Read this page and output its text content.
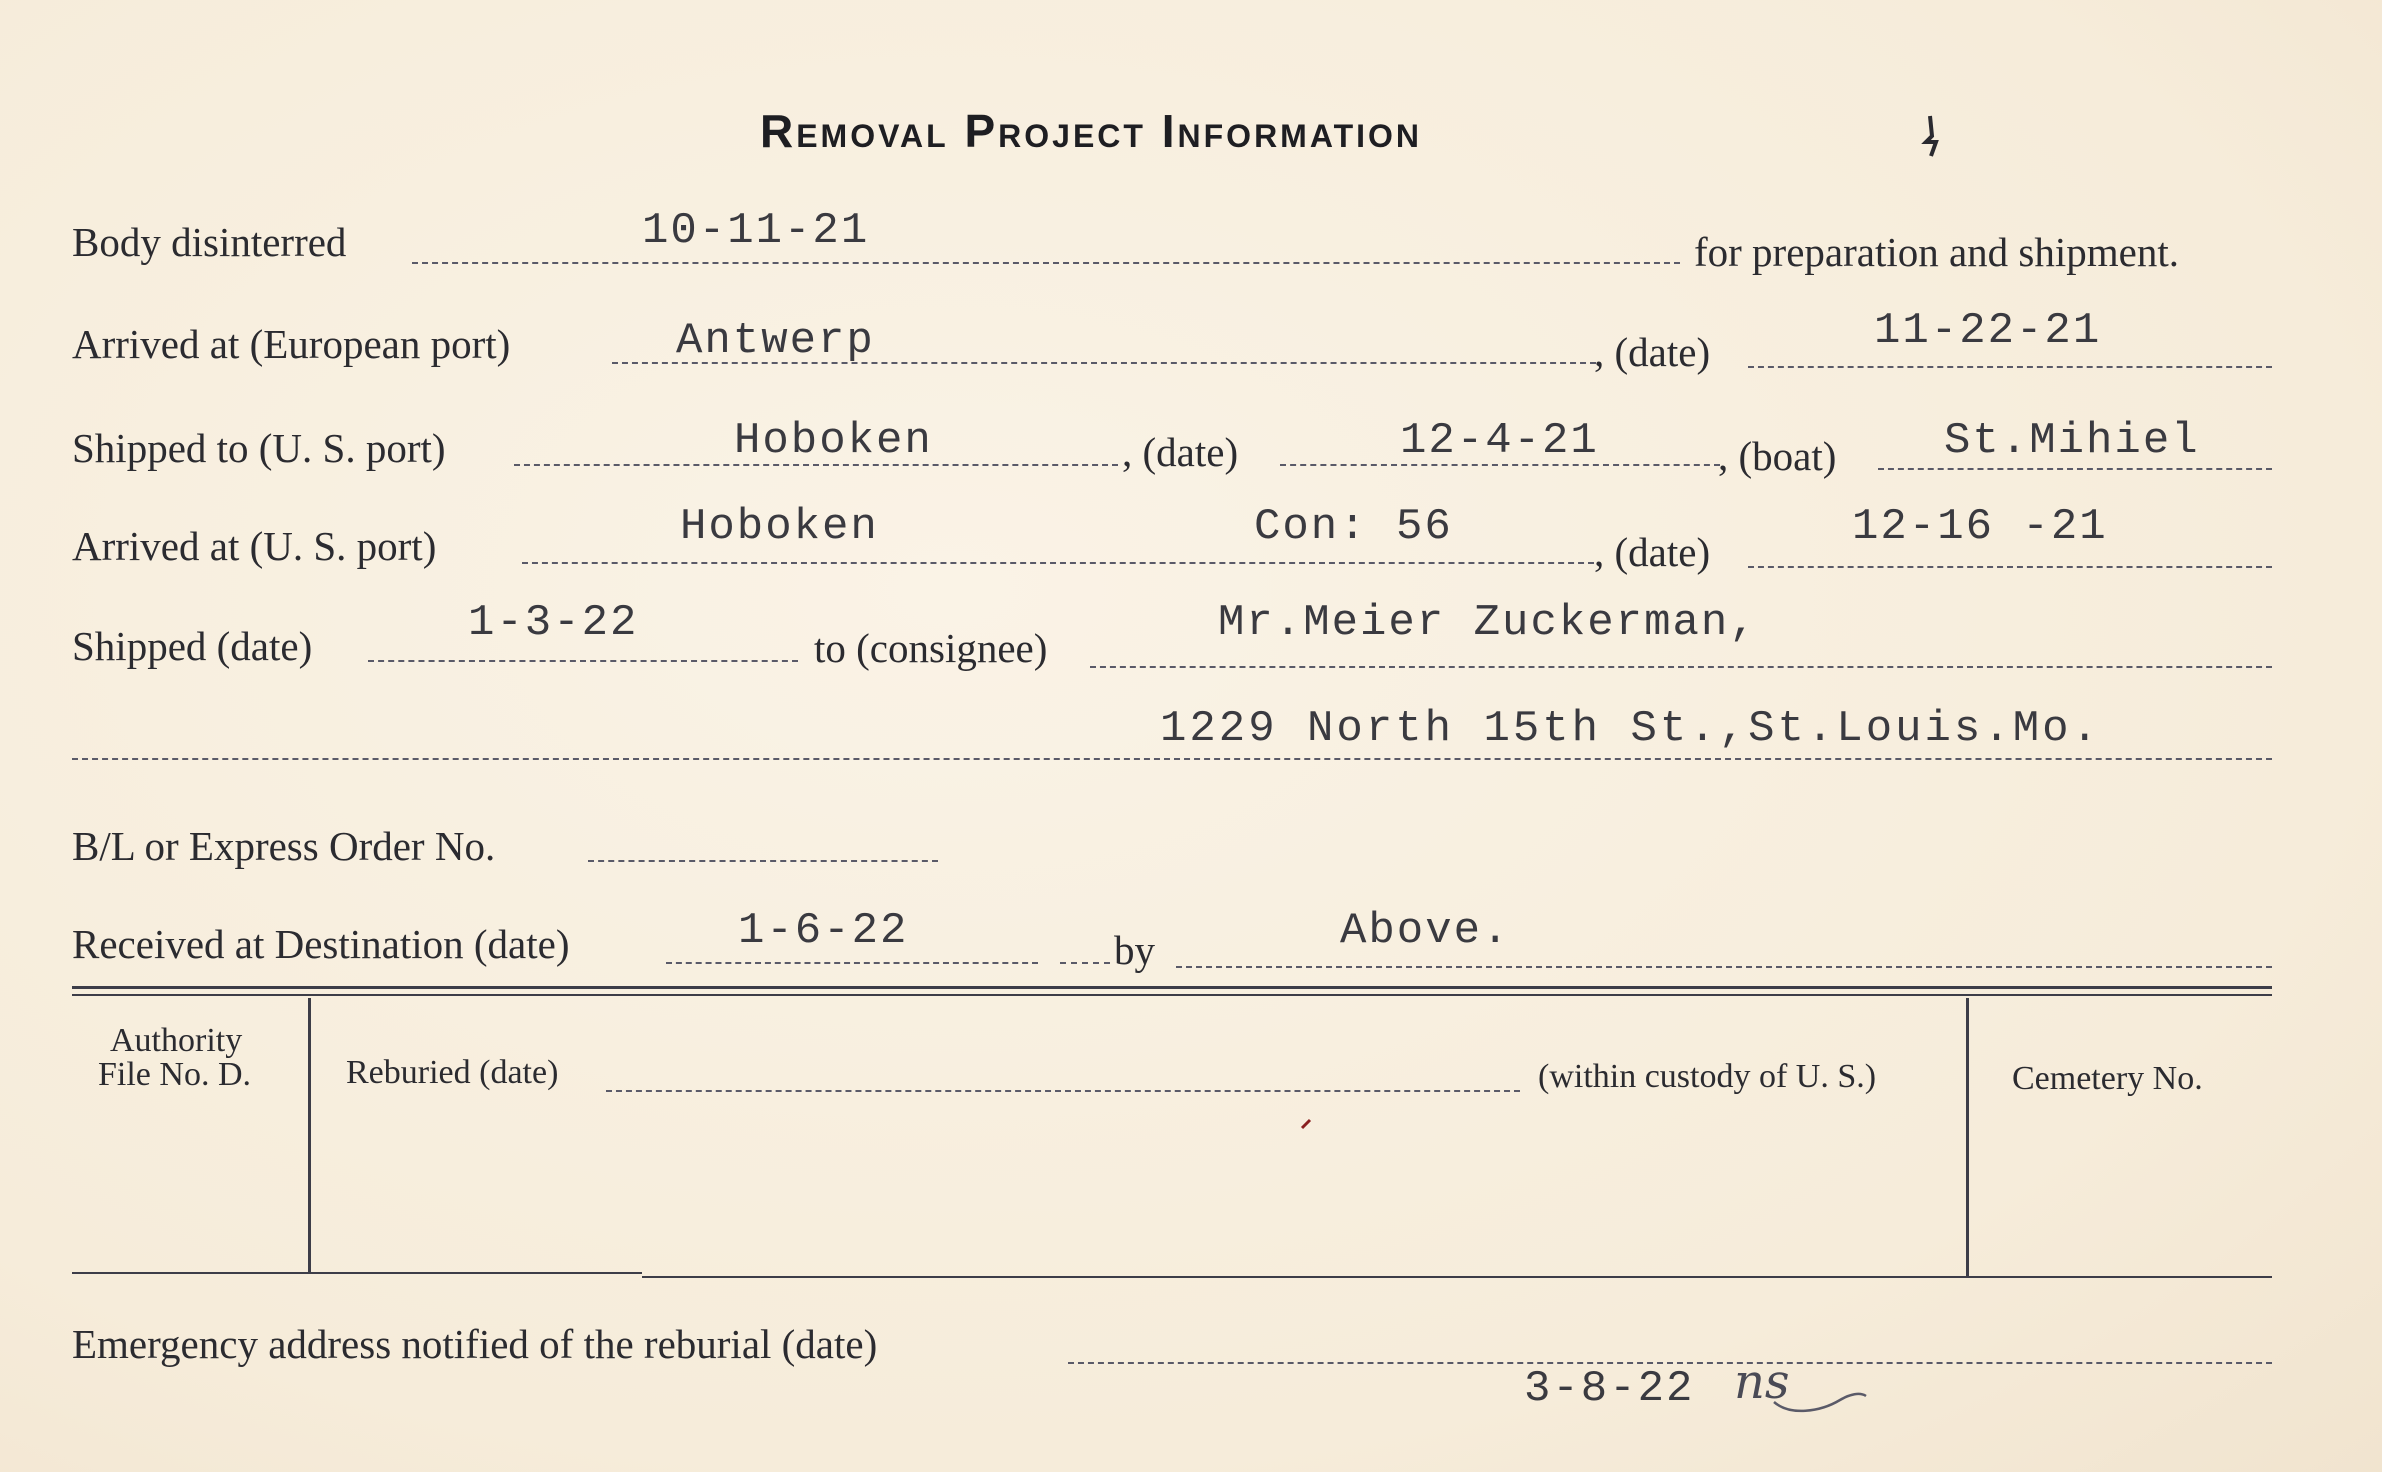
Removal Project Information
Body disinterred	10-11-21	for preparation and shipment.
Arrived at (European port)	Antwerp	, (date)	11-22-21
Shipped to (U. S. port)	Hoboken	, (date)	12-4-21	, (boat) St.Mihiel
Arrived at (U. S. port)	Hoboken	Con: 56	, (date)	12-16 -21
Shipped (date)	1-3-22	to (consignee)	Mr.Meier Zuckerman,
1229 North 15th St.,St.Louis.Mo.
B/L or Express Order No.
Received at Destination (date)	1-6-22	by	Above.
Authority
File No. D.	Reburied (date)	(within custody of U. S.)	Cemetery No.
Emergency address notified of the reburial (date)
3-8-22 ns
